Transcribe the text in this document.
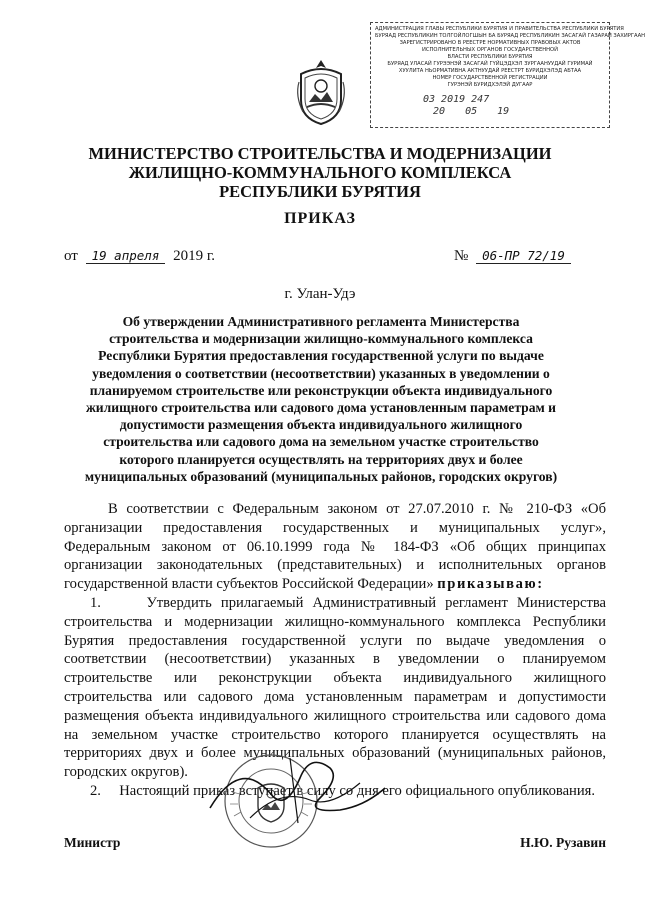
АДМИНИСТРАЦИЯ ГЛАВЫ РЕСПУБЛИКИ БУРЯТИЯ И ПРАВИТЕЛЬСТВА РЕСПУБЛИКИ БУРЯТИЯ
БУРЯАД РЕСПУБЛИКИН ТОЛГОЙЛОГШЫН БА БУРЯАД РЕСПУБЛИКИН ЗАСАГАЙ ГАЗАРАЙ ЗАХИРГААН
ЗАРЕГИСТРИРОВАНО В РЕЕСТРЕ НОРМАТИВНЫХ ПРАВОВЫХ АКТОВ
ИСПОЛНИТЕЛЬНЫХ ОРГАНОВ ГОСУДАРСТВЕННОЙ
ВЛАСТИ РЕСПУБЛИКИ БУРЯТИЯ
БУРЯАД УЛАСАЙ ГУРЭЭНЭЙ ЗАСАГАЙ ГҮЙЦЭДХЭЛ ЗУРГААНУУДАЙ ГУРИМАЙ
ХУУЛИТА НЬОРМАТИВНА АКТНУУДАЙ РЕЕСТРТ БУРИДХЭЛЭД АБТАА
НОМЕР ГОСУДАРСТВЕННОЙ РЕГИСТРАЦИИ
ГУРЭНЭЙ БУРИДХЭЛЭЙ ДУГААР
03 2019 247
20 05 19
МИНИСТЕРСТВО СТРОИТЕЛЬСТВА И МОДЕРНИЗАЦИИ
ЖИЛИЩНО-КОММУНАЛЬНОГО КОМПЛЕКСА
РЕСПУБЛИКИ БУРЯТИЯ
ПРИКАЗ
от 19 апреля 2019 г.	№ 06-ПР 72/19
г. Улан-Удэ
Об утверждении Административного регламента Министерства строительства и модернизации жилищно-коммунального комплекса Республики Бурятия предоставления государственной услуги по выдаче уведомления о соответствии (несоответствии) указанных в уведомлении о планируемом строительстве или реконструкции объекта индивидуального жилищного строительства или садового дома установленным параметрам и допустимости размещения объекта индивидуального жилищного строительства или садового дома на земельном участке строительство которого планируется осуществлять на территориях двух и более муниципальных образований (муниципальных районов, городских округов)

В соответствии с Федеральным законом от 27.07.2010 г. № 210-ФЗ «Об организации предоставления государственных и муниципальных услуг», Федеральным законом от 06.10.1999 года № 184-ФЗ «Об общих принципах организации законодательных (представительных) и исполнительных органов государственной власти субъектов Российской Федерации» приказываю:

1.	Утвердить прилагаемый Административный регламент Министерства строительства и модернизации жилищно-коммунального комплекса Республики Бурятия предоставления государственной услуги по выдаче уведомления о соответствии (несоответствии) указанных в уведомлении о планируемом строительстве или реконструкции объекта индивидуального жилищного строительства или садового дома установленным параметрам и допустимости размещения объекта индивидуального жилищного строительства или садового дома на земельном участке строительство которого планируется осуществлять на территориях двух и более муниципальных образований (муниципальных районов, городских округов).

2. Настоящий приказ вступает в силу со дня его официального опубликования.

Министр	Н.Ю. Рузавин
